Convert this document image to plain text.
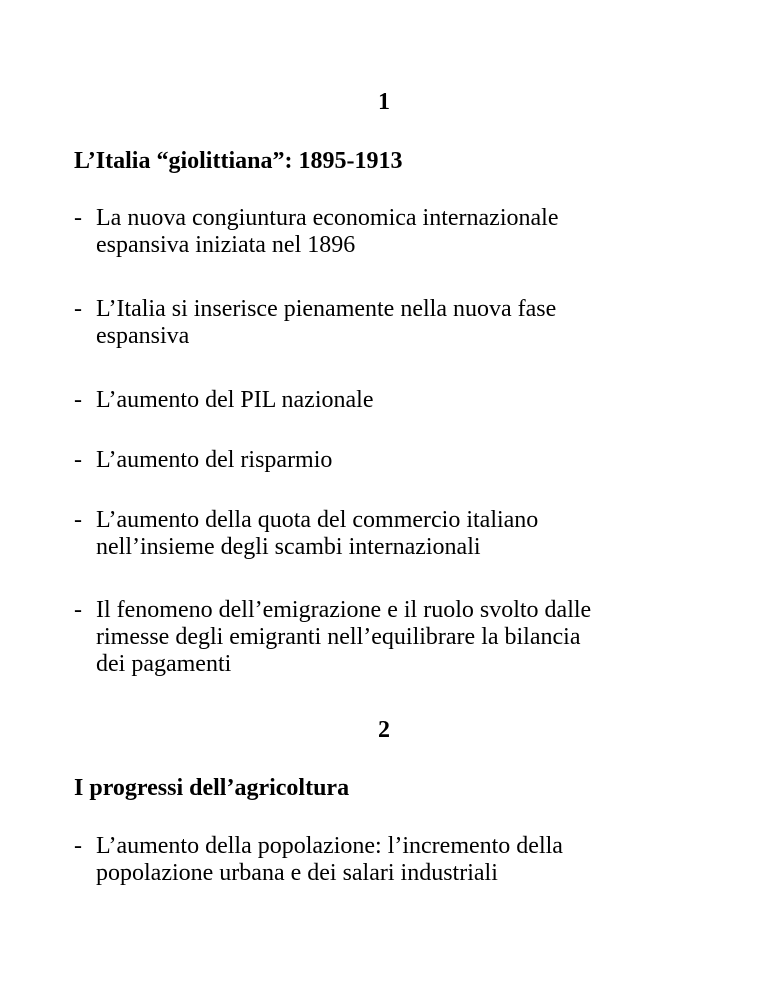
1
L’Italia “giolittiana”: 1895-1913
- La nuova congiuntura economica internazionale
espansiva iniziata nel 1896
- L’Italia si inserisce pienamente nella nuova fase
espansiva
- L’aumento del PIL nazionale
- L’aumento del risparmio
- L’aumento della quota del commercio italiano
nell’insieme degli scambi internazionali
- Il fenomeno dell’emigrazione e il ruolo svolto dalle
rimesse degli emigranti nell’equilibrare la bilancia
dei pagamenti
2
I progressi dell’agricoltura
- L’aumento della popolazione: l’incremento della
popolazione urbana e dei salari industriali
